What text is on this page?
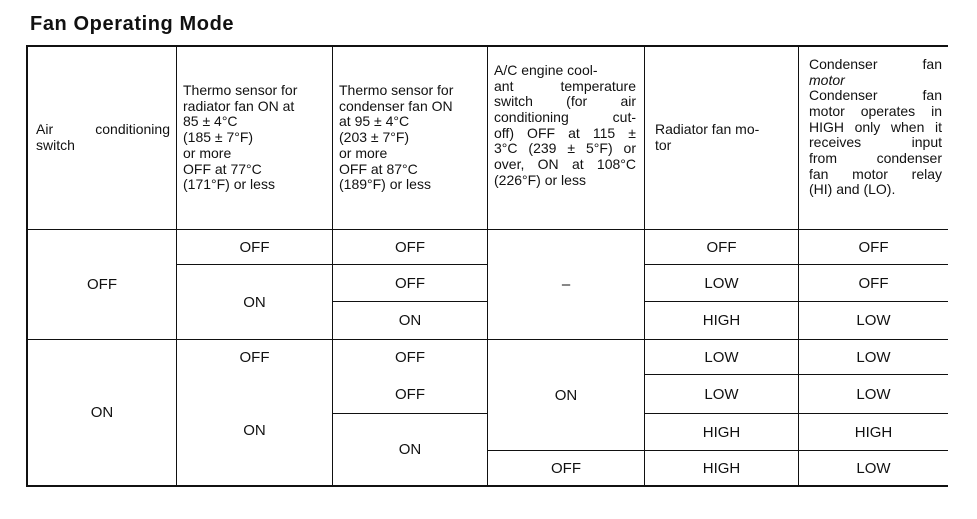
Fan Operating Mode
Air conditioning
switch
Thermo sensor for
radiator fan ON at
85 ± 4°C
(185 ± 7°F)
or more
OFF at 77°C
(171°F) or less
Thermo sensor for
condenser fan ON
at 95 ± 4°C
(203 ± 7°F)
or more
OFF at 87°C
(189°F) or less
A/C engine cool-
ant temperature
switch (for air
conditioning cut-
off) OFF at 115 ±
3°C (239 ± 5°F) or
over, ON at 108°C
(226°F) or less
Radiator fan mo-
tor
Condenser fan
motor
Condenser fan
motor operates in
HIGH only when it
receives input
from condenser
fan motor relay
(HI) and (LO).
OFF
OFF
ON
OFF
OFF
ON
–
OFF
LOW
HIGH
OFF
OFF
LOW
ON
OFF
ON
OFF
OFF
ON
ON
OFF
LOW
LOW
HIGH
HIGH
LOW
LOW
HIGH
LOW
